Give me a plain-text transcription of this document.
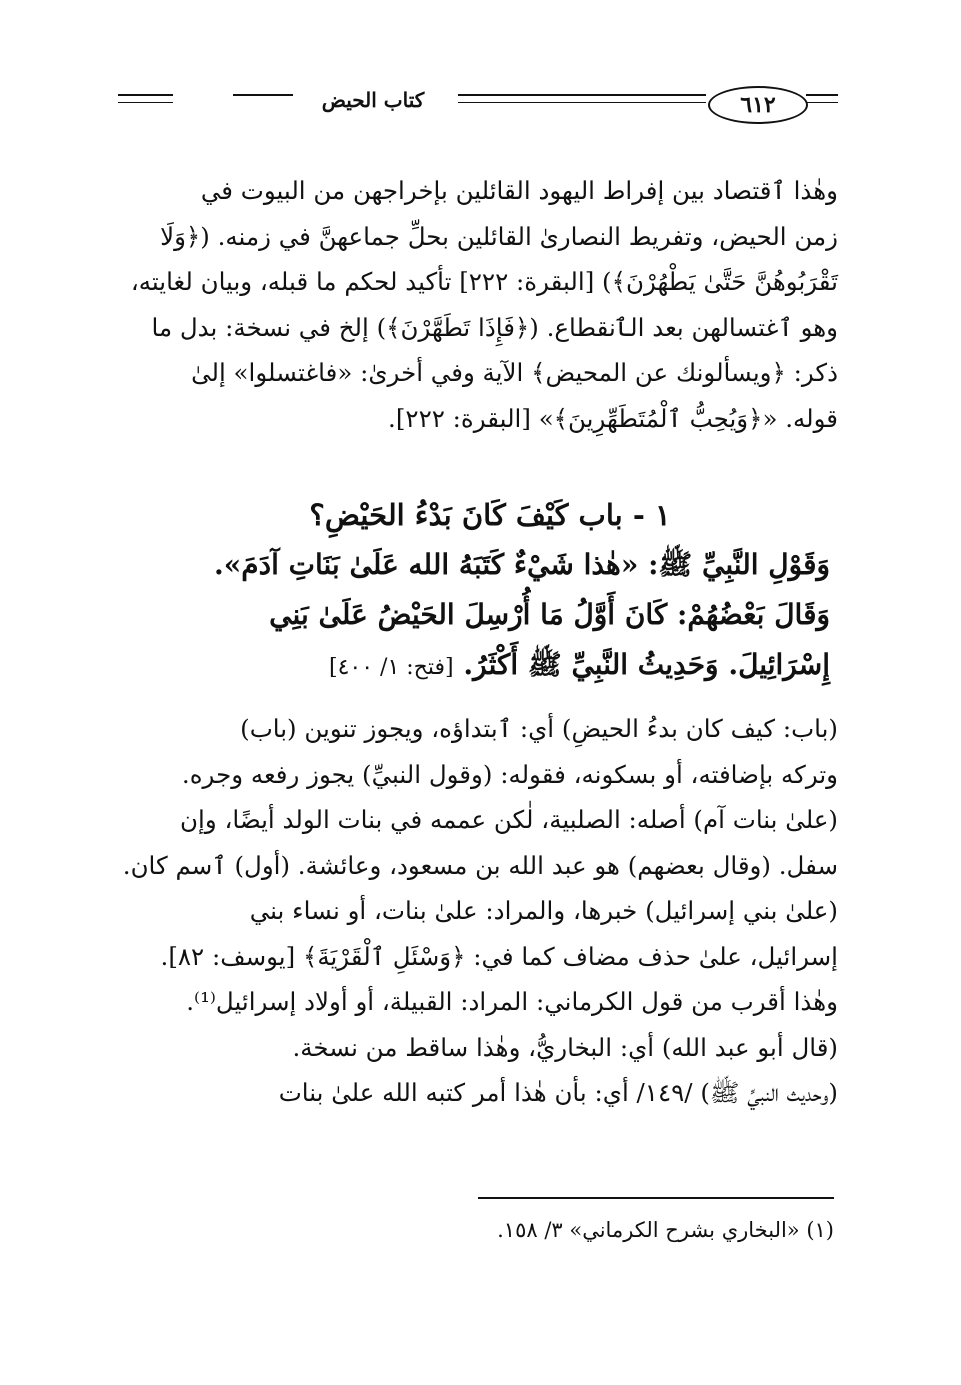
كتاب الحيض	٦١٢

وهٰذا ٱقتصاد بين إفراط اليهود القائلين بإخراجهن من البيوت في

زمن الحيض، وتفريط النصارىٰ القائلين بحلِّ جماعهنَّ في زمنه. (﴿وَلَا

تَقْرَبُوهُنَّ حَتَّىٰ يَطْهُرْنَ﴾) [البقرة: ٢٢٢] تأكيد لحكم ما قبله، وبيان لغايته،

وهو ٱغتسالهن بعد الٱنقطاع. (﴿فَإِذَا تَطَهَّرْنَ﴾) إلخ في نسخة: بدل ما

ذكر: ﴿ويسألونك عن المحيض﴾ الآية وفي أخرىٰ: «فاغتسلوا» إلىٰ

قوله. «﴿وَيُحِبُّ ٱلْمُتَطَهِّرِينَ﴾» [البقرة: ٢٢٢].

١ - باب كَيْفَ كَانَ بَدْءُ الحَيْضِ؟

وَقَوْلِ النَّبِيِّ ﷺ: «هٰذا شَيْءٌ كَتَبَهُ الله عَلَىٰ بَنَاتِ آدَمَ».

وَقَالَ بَعْضُهُمْ: كَانَ أَوَّلُ مَا أُرْسِلَ الحَيْضُ عَلَىٰ بَنِي

إِسْرَائِيلَ. وَحَدِيثُ النَّبِيِّ ﷺ أَكْثَرُ. [فتح: ١/ ٤٠٠]

(باب: كيف كان بدءُ الحيضِ) أي: ٱبتداؤه، ويجوز تنوين (باب)

وتركه بإضافته، أو بسكونه، فقوله: (وقول النبيِّ) يجوز رفعه وجره.

(علىٰ بنات آم) أصله: الصلبية، لٰكن عممه في بنات الولد أيضًا، وإن

سفل. (وقال بعضهم) هو عبد الله بن مسعود، وعائشة. (أول) ٱسم كان.

(علىٰ بني إسرائيل) خبرها، والمراد: علىٰ بنات، أو نساء بني

إسرائيل، علىٰ حذف مضاف كما في: ﴿وَسْئَلِ ٱلْقَرْيَةَ﴾ [يوسف: ٨٢].

وهٰذا أقرب من قول الكرماني: المراد: القبيلة، أو أولاد إسرائيل⁽¹⁾.

(قال أبو عبد الله) أي: البخاريُّ، وهٰذا ساقط من نسخة.

(وحديث النبيِّ ﷺ) /١٤٩/ أي: بأن هٰذا أمر كتبه الله علىٰ بنات

(١) «البخاري بشرح الكرماني» ٣/ ١٥٨.
